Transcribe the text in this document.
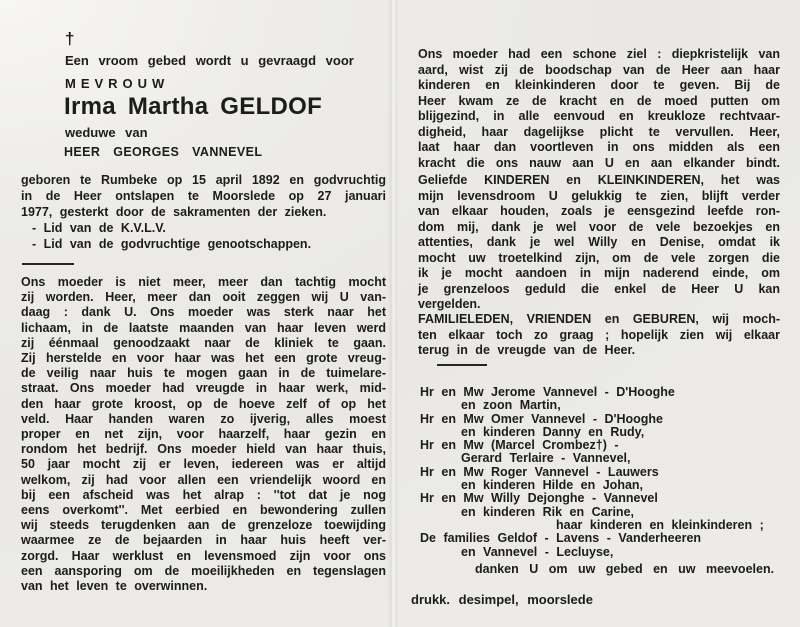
†
Een vroom gebed wordt u gevraagd voor
MEVROUW
Irma Martha GELDOF
weduwe van
HEER GEORGES VANNEVEL
geboren te Rumbeke op 15 april 1892 en godvruchtig
in de Heer ontslapen te Moorslede op 27 januari
1977, gesterkt door de sakramenten der zieken.
- Lid van de K.V.L.V.
- Lid van de godvruchtige genootschappen.
Ons moeder is niet meer, meer dan tachtig mocht
zij worden. Heer, meer dan ooit zeggen wij U van-
daag : dank U. Ons moeder was sterk naar het
lichaam, in de laatste maanden van haar leven werd
zij éénmaal genoodzaakt naar de kliniek te gaan.
Zij herstelde en voor haar was het een grote vreug-
de veilig naar huis te mogen gaan in de tuimelare-
straat. Ons moeder had vreugde in haar werk, mid-
den haar grote kroost, op de hoeve zelf of op het
veld. Haar handen waren zo ijverig, alles moest
proper en net zijn, voor haarzelf, haar gezin en
rondom het bedrijf. Ons moeder hield van haar thuis,
50 jaar mocht zij er leven, iedereen was er altijd
welkom, zij had voor allen een vriendelijk woord en
bij een afscheid was het alrap : ''tot dat je nog
eens overkomt''. Met eerbied en bewondering zullen
wij steeds terugdenken aan de grenzeloze toewijding
waarmee ze de bejaarden in haar huis heeft ver-
zorgd. Haar werklust en levensmoed zijn voor ons
een aansporing om de moeilijkheden en tegenslagen
van het leven te overwinnen.
Ons moeder had een schone ziel : diepkristelijk van
aard, wist zij de boodschap van de Heer aan haar
kinderen en kleinkinderen door te geven. Bij de
Heer kwam ze de kracht en de moed putten om
blijgezind, in alle eenvoud en kreukloze rechtvaar-
digheid, haar dagelijkse plicht te vervullen. Heer,
laat haar dan voortleven in ons midden als een
kracht die ons nauw aan U en aan elkander bindt.
Geliefde KINDEREN en KLEINKINDEREN, het was
mijn levensdroom U gelukkig te zien, blijft verder
van elkaar houden, zoals je eensgezind leefde ron-
dom mij, dank je wel voor de vele bezoekjes en
attenties, dank je wel Willy en Denise, omdat ik
mocht uw troetelkind zijn, om de vele zorgen die
ik je mocht aandoen in mijn naderend einde, om
je grenzeloos geduld die enkel de Heer U kan
vergelden.
FAMILIELEDEN, VRIENDEN en GEBUREN, wij moch-
ten elkaar toch zo graag ; hopelijk zien wij elkaar
terug in de vreugde van de Heer.
Hr en Mw Jerome Vannevel - D'Hooghe
en zoon Martin,
Hr en Mw Omer Vannevel - D'Hooghe
en kinderen Danny en Rudy,
Hr en Mw (Marcel Crombez†) -
Gerard Terlaire - Vannevel,
Hr en Mw Roger Vannevel - Lauwers
en kinderen Hilde en Johan,
Hr en Mw Willy Dejonghe - Vannevel
en kinderen Rik en Carine,
haar kinderen en kleinkinderen ;
De families Geldof - Lavens - Vanderheeren
en Vannevel - Lecluyse,
danken U om uw gebed en uw meevoelen.
drukk. desimpel, moorslede
